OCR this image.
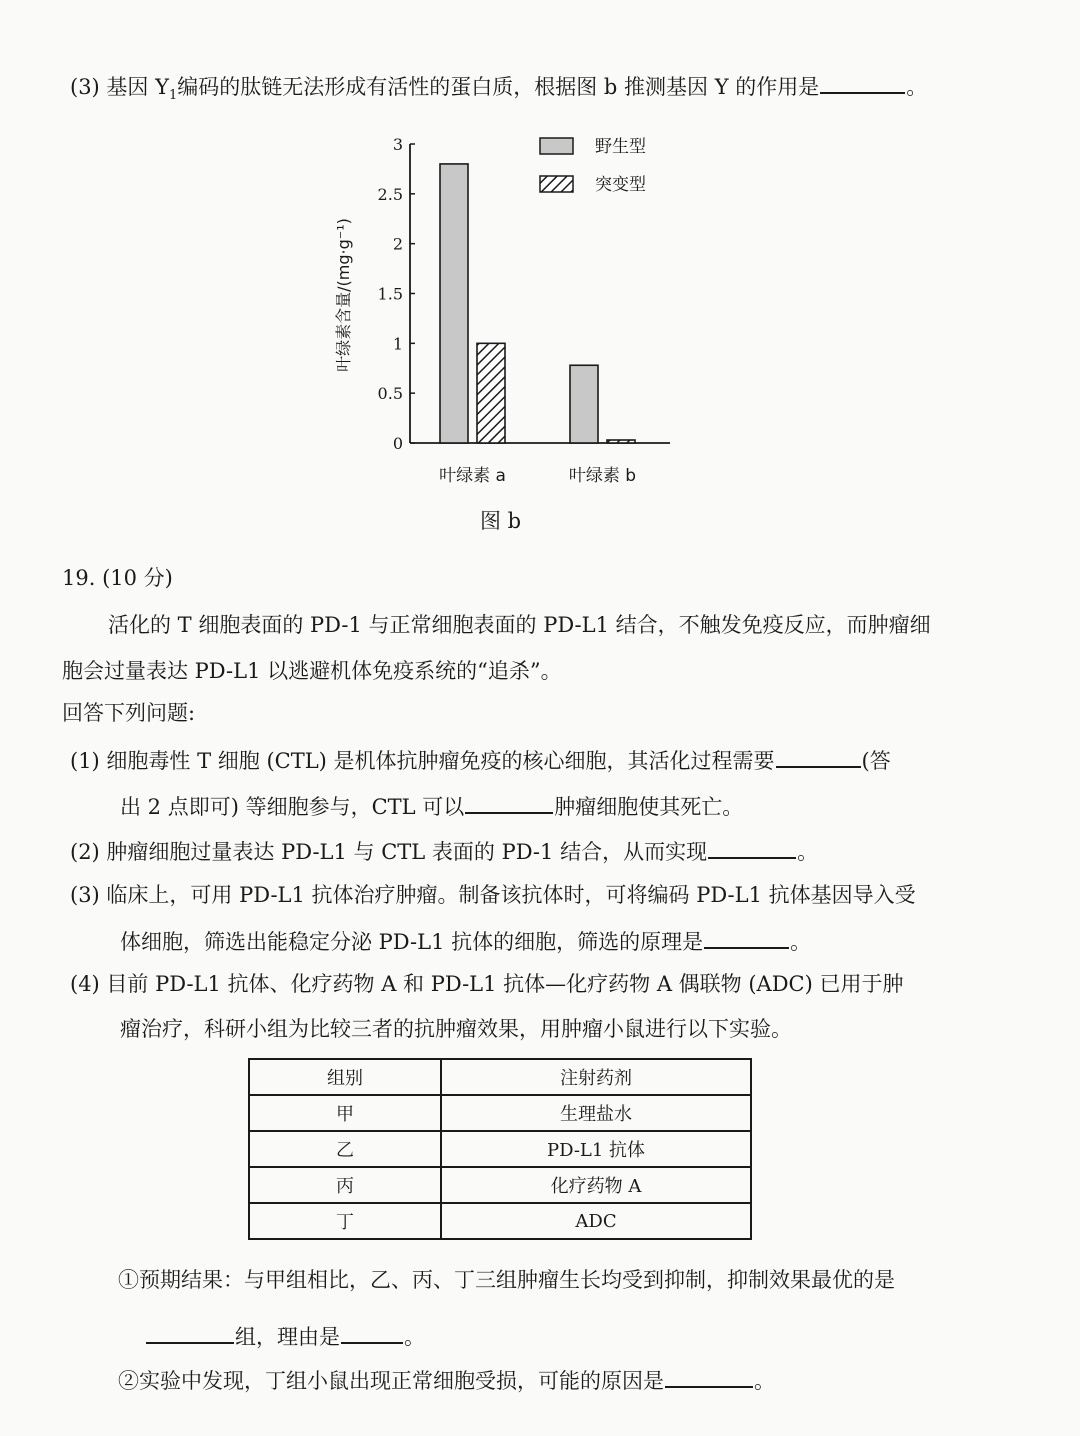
(3) 基因 $Y_1$编码的肽链无法形成有活性的蛋白质，根据图 b 推测基因 Y 的作用是	。
0
0.5
1
1.5
2
2.5
3
叶绿素含量/(mg·g⁻¹)
叶绿素 a	叶绿素 b
野生型
突变型
图 b
19. (10 分)
活化的 T 细胞表面的 PD-1 与正常细胞表面的 PD-L1 结合，不触发免疫反应，而肿瘤细
胞会过量表达 PD-L1 以逃避机体免疫系统的“追杀”。
回答下列问题:
(1) 细胞毒性 T 细胞 (CTL) 是机体抗肿瘤免疫的核心细胞，其活化过程需要	(答
出 2 点即可) 等细胞参与，CTL 可以	肿瘤细胞使其死亡。
(2) 肿瘤细胞过量表达 PD-L1 与 CTL 表面的 PD-1 结合，从而实现	。
(3) 临床上，可用 PD-L1 抗体治疗肿瘤。制备该抗体时，可将编码 PD-L1 抗体基因导入受
体细胞，筛选出能稳定分泌 PD-L1 抗体的细胞，筛选的原理是	。
(4) 目前 PD-L1 抗体、化疗药物 A 和 PD-L1 抗体—化疗药物 A 偶联物 (ADC) 已用于肿
瘤治疗，科研小组为比较三者的抗肿瘤效果，用肿瘤小鼠进行以下实验。
组别	注射药剂
甲	生理盐水
乙	PD-L1 抗体
丙	化疗药物 A
丁	ADC
①预期结果：与甲组相比，乙、丙、丁三组肿瘤生长均受到抑制，抑制效果最优的是
组，理由是	。
②实验中发现，丁组小鼠出现正常细胞受损，可能的原因是	。
